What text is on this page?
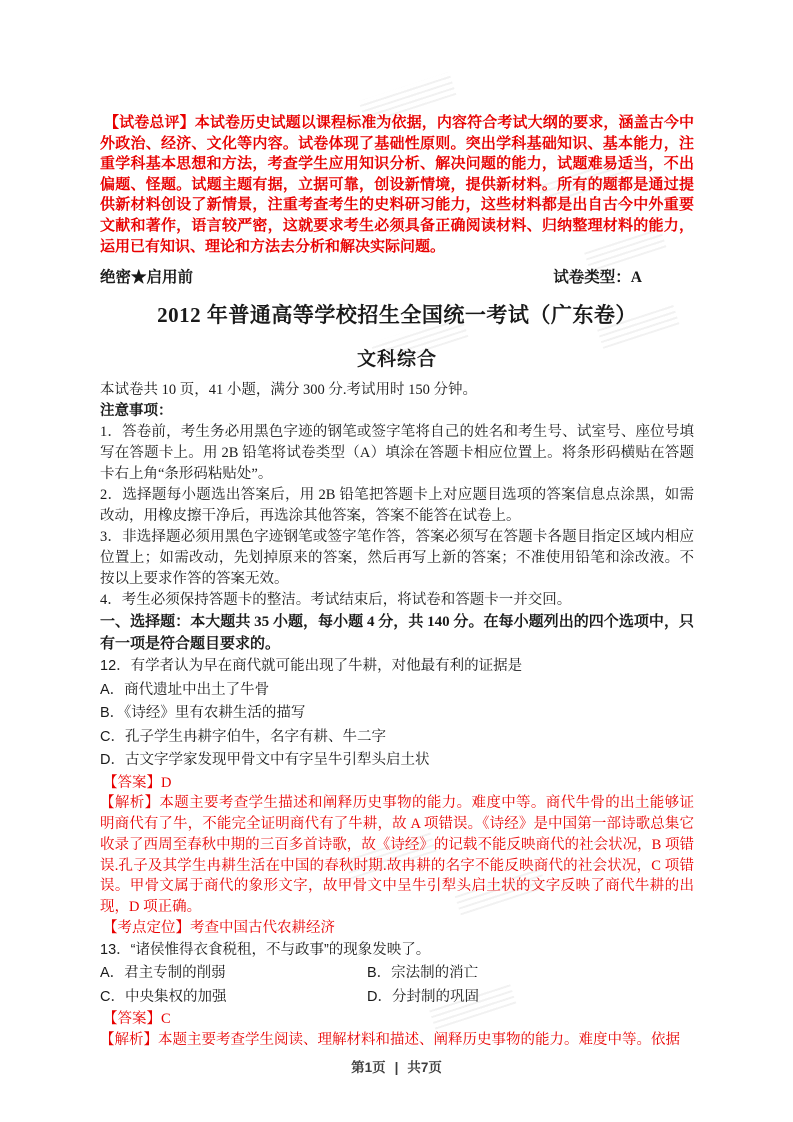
【试卷总评】本试卷历史试题以课程标准为依据，内容符合考试大纲的要求，涵盖古今中外政治、经济、文化等内容。试卷体现了基础性原则。突出学科基础知识、基本能力，注重学科基本思想和方法，考查学生应用知识分析、解决问题的能力，试题难易适当，不出偏题、怪题。试题主题有据，立据可靠，创设新情境，提供新材料。所有的题都是通过提供新材料创设了新情景，注重考查考生的史料研习能力，这些材料都是出自古今中外重要文献和著作，语言较严密，这就要求考生必须具备正确阅读材料、归纳整理材料的能力，运用已有知识、理论和方法去分析和解决实际问题。

绝密★启用前	试卷类型：A

2012 年普通高等学校招生全国统一考试（广东卷）

文科综合

本试卷共 10 页，41 小题，满分 300 分.考试用时 150 分钟。

注意事项：

1．答卷前，考生务必用黑色字迹的钢笔或签字笔将自己的姓名和考生号、试室号、座位号填写在答题卡上。用 2B 铅笔将试卷类型（A）填涂在答题卡相应位置上。将条形码横贴在答题卡右上角“条形码粘贴处”。

2．选择题每小题选出答案后，用 2B 铅笔把答题卡上对应题目选项的答案信息点涂黑，如需改动，用橡皮擦干净后，再选涂其他答案，答案不能答在试卷上。

3．非选择题必须用黑色字迹钢笔或签字笔作答，答案必须写在答题卡各题目指定区域内相应位置上；如需改动，先划掉原来的答案，然后再写上新的答案；不准使用铅笔和涂改液。不按以上要求作答的答案无效。

4．考生必须保持答题卡的整洁。考试结束后，将试卷和答题卡一并交回。

一、选择题：本大题共 35 小题，每小题 4 分，共 140 分。在每小题列出的四个选项中，只有一项是符合题目要求的。

12．有学者认为早在商代就可能出现了牛耕，对他最有利的证据是

A．商代遗址中出土了牛骨

B．《诗经》里有农耕生活的描写

C．孔子学生冉耕字伯牛，名字有耕、牛二字

D．古文字学家发现甲骨文中有字呈牛引犁头启土状

【答案】D

【解析】本题主要考查学生描述和阐释历史事物的能力。难度中等。商代牛骨的出土能够证明商代有了牛，不能完全证明商代有了牛耕，故 A 项错误。《诗经》是中国第一部诗歌总集它收录了西周至春秋中期的三百多首诗歌，故《诗经》的记载不能反映商代的社会状况，B 项错误.孔子及其学生冉耕生活在中国的春秋时期.故冉耕的名字不能反映商代的社会状况，C 项错误。甲骨文属于商代的象形文字，故甲骨文中呈牛引犁头启土状的文字反映了商代牛耕的出现，D 项正确。

【考点定位】考查中国古代农耕经济

13．“诸侯惟得衣食税租，不与政事”的现象发映了。

A．君主专制的削弱	B．宗法制的消亡

C．中央集权的加强	D．分封制的巩固

【答案】C

【解析】本题主要考查学生阅读、理解材料和描述、阐释历史事物的能力。难度中等。依据

第1页 | 共7页
